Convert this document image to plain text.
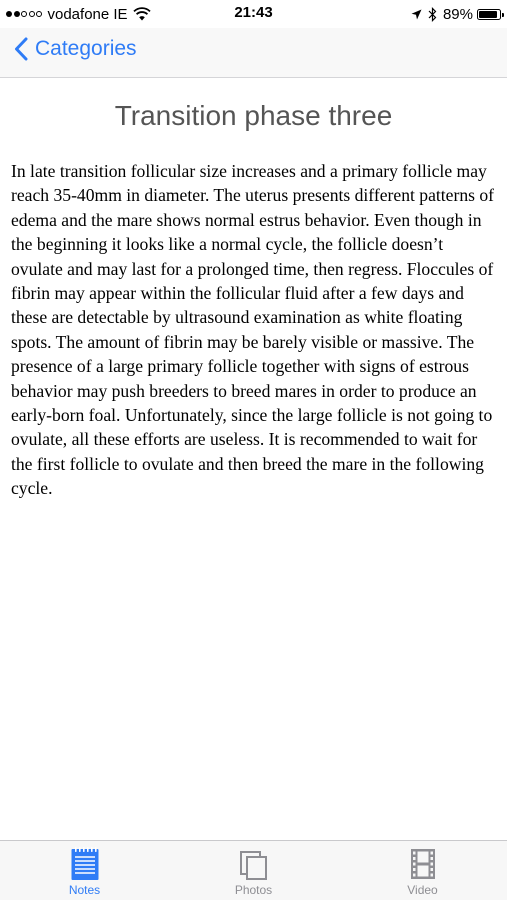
vodafone IE	21:43	89%
Categories
Transition phase three

In late transition follicular size increases and a primary follicle may reach 35-40mm in diameter. The uterus presents different patterns of edema and the mare shows normal estrus behavior. Even though in the beginning it looks like a normal cycle, the follicle doesn’t ovulate and may last for a prolonged time, then regress. Floccules of fibrin may appear within the follicular fluid after a few days and these are detectable by ultrasound examination as white floating spots. The amount of fibrin may be barely visible or massive. The presence of a large primary follicle together with signs of estrous behavior may push breeders to breed mares in order to produce an early-born foal. Unfortunately, since the large follicle is not going to ovulate, all these efforts are useless. It is recommended to wait for the first follicle to ovulate and then breed the mare in the following cycle.

Notes	Photos	Video
